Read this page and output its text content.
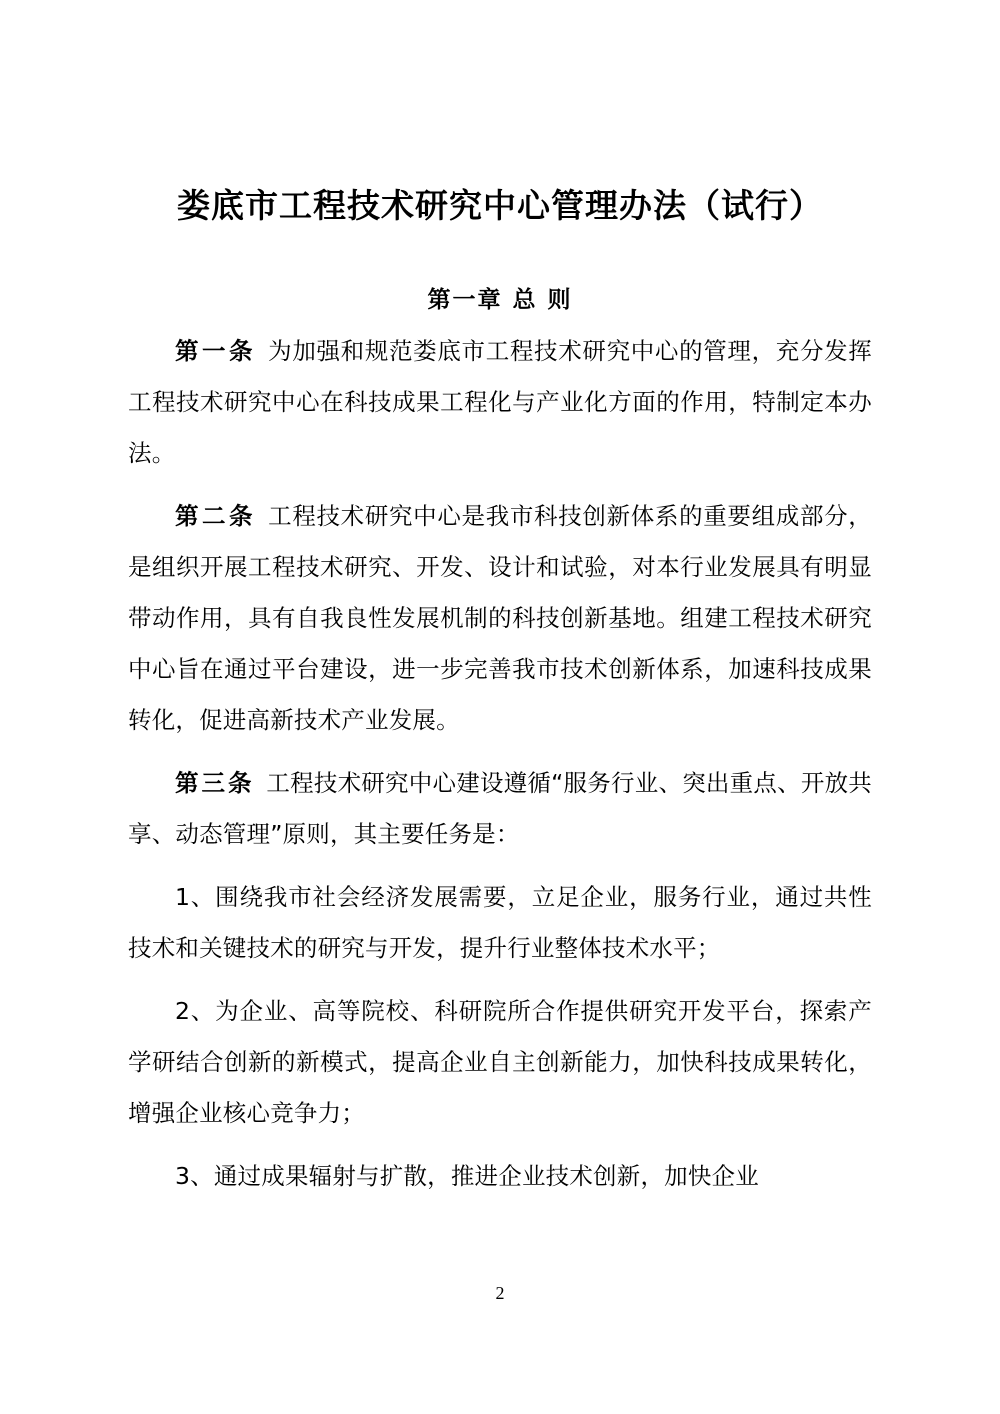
娄底市工程技术研究中心管理办法（试行）
第一章 总 则

第一条 为加强和规范娄底市工程技术研究中心的管理，充分发挥工程技术研究中心在科技成果工程化与产业化方面的作用，特制定本办法。

第二条 工程技术研究中心是我市科技创新体系的重要组成部分，是组织开展工程技术研究、开发、设计和试验，对本行业发展具有明显带动作用，具有自我良性发展机制的科技创新基地。组建工程技术研究中心旨在通过平台建设，进一步完善我市技术创新体系，加速科技成果转化，促进高新技术产业发展。

第三条 工程技术研究中心建设遵循“服务行业、突出重点、开放共享、动态管理”原则，其主要任务是：

1、围绕我市社会经济发展需要，立足企业，服务行业，通过共性技术和关键技术的研究与开发，提升行业整体技术水平；

2、为企业、高等院校、科研院所合作提供研究开发平台，探索产学研结合创新的新模式，提高企业自主创新能力，加快科技成果转化，增强企业核心竞争力；

3、通过成果辐射与扩散，推进企业技术创新，加快企业

2
